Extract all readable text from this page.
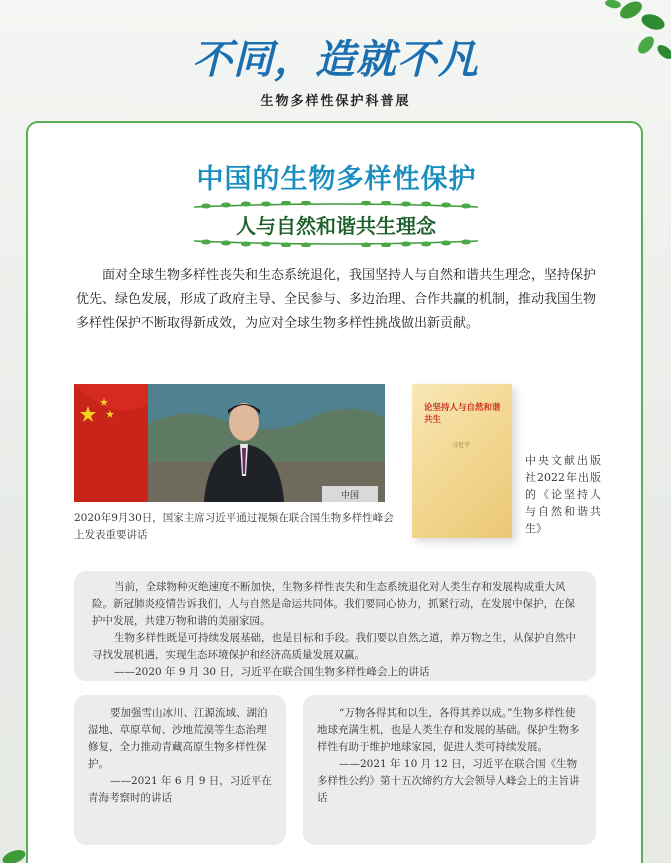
不同，造就不凡
生物多样性保护科普展
中国的生物多样性保护
人与自然和谐共生理念
面对全球生物多样性丧失和生态系统退化，我国坚持人与自然和谐共生理念，坚持保护优先、绿色发展，形成了政府主导、全民参与、多边治理、合作共赢的机制，推动我国生物多样性保护不断取得新成效，为应对全球生物多样性挑战做出新贡献。
中国
2020年9月30日，国家主席习近平通过视频在联合国生物多样性峰会上发表重要讲话
论坚持人与自然和谐共生
习近平
中央文献出版社2022年出版的《论坚持人与自然和谐共生》

当前，全球物种灭绝速度不断加快，生物多样性丧失和生态系统退化对人类生存和发展构成重大风险。新冠肺炎疫情告诉我们，人与自然是命运共同体。我们要同心协力，抓紧行动，在发展中保护，在保护中发展，共建万物和谐的美丽家园。

生物多样性既是可持续发展基础，也是目标和手段。我们要以自然之道，养万物之生，从保护自然中寻找发展机遇，实现生态环境保护和经济高质量发展双赢。

——2020 年 9 月 30 日，习近平在联合国生物多样性峰会上的讲话

要加强雪山冰川、江源流域、湖泊湿地、草原草甸、沙地荒漠等生态治理修复，全力推动青藏高原生物多样性保护。

——2021 年 6 月 9 日，习近平在青海考察时的讲话

“万物各得其和以生，各得其养以成。”生物多样性使地球充满生机，也是人类生存和发展的基础。保护生物多样性有助于维护地球家园，促进人类可持续发展。

——2021 年 10 月 12 日，习近平在联合国《生物多样性公约》第十五次缔约方大会领导人峰会上的主旨讲话
